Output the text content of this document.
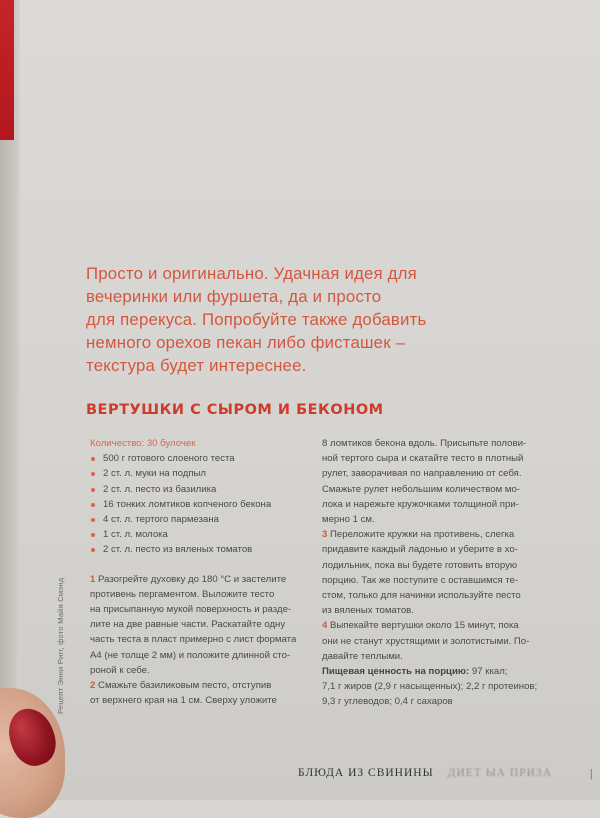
Просто и оригинально. Удачная идея для
вечеринки или фуршета, да и просто
для перекуса. Попробуйте также добавить
немного орехов пекан либо фисташек –
текстура будет интереснее.
ВЕРТУШКИ С СЫРОМ И БЕКОНОМ
Количество: 30 булочек
500 г готового слоеного теста
2 ст. л. муки на подпыл
2 ст. л. песто из базилика
16 тонких ломтиков копченого бекона
4 ст. л. тертого пармезана
1 ст. л. молока
2 ст. л. песто из вяленых томатов
1 Разогрейте духовку до 180 °С и застелите
противень пергаментом. Выложите тесто
на присыпанную мукой поверхность и разде-
лите на две равные части. Раскатайте одну
часть теста в пласт примерно с лист формата
А4 (не толще 2 мм) и положите длинной сто-
роной к себе.
2 Смажьте базиликовым песто, отступив
от верхнего края на 1 см. Сверху уложите
8 ломтиков бекона вдоль. Присыпьте полови-
ной тертого сыра и скатайте тесто в плотный
рулет, заворачивая по направлению от себя.
Смажьте рулет небольшим количеством мо-
лока и нарежьте кружочками толщиной при-
мерно 1 см.
3 Переложите кружки на противень, слегка
придавите каждый ладонью и уберите в хо-
лодильник, пока вы будете готовить вторую
порцию. Так же поступите с оставшимся те-
стом, только для начинки используйте песто
из вяленых томатов.
4 Выпекайте вертушки около 15 минут, пока
они не станут хрустящими и золотистыми. По-
давайте теплыми.
Пищевая ценность на порцию: 97 ккал;
7,1 г жиров (2,9 г насыщенных); 2,2 г протеинов;
9,3 г углеводов; 0,4 г сахаров
Рецепт Энни Ригг, фото Майя Смэнд
БЛЮДА ИЗ СВИНИНЫ ДИЕТ ЫА ПРИЗА	|
